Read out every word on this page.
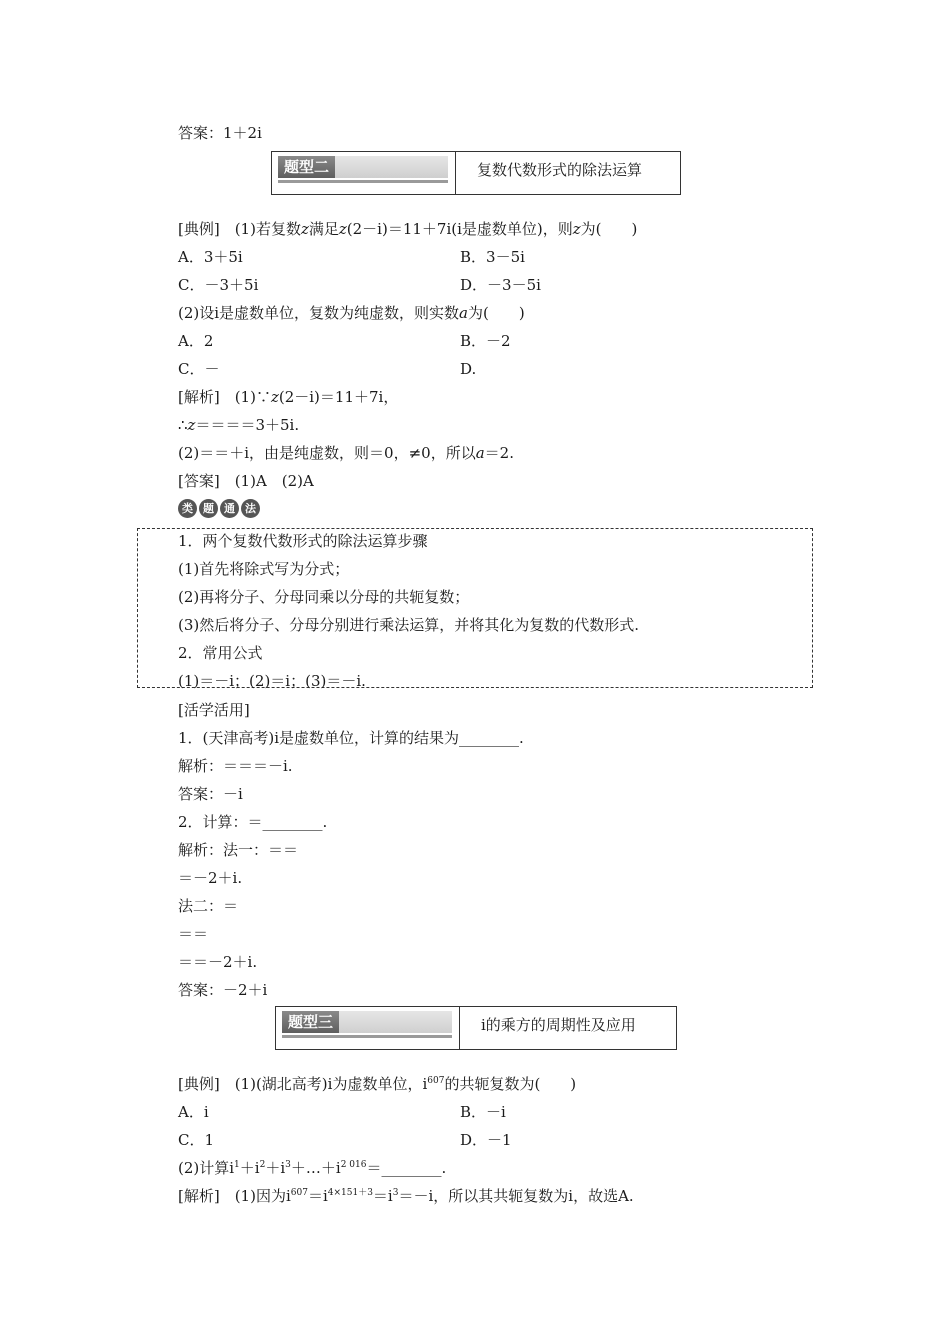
答案：1＋2i
题型二	复数代数形式的除法运算
[典例]　(1)若复数z满足z(2－i)＝11＋7i(i是虚数单位)，则z为(　　)
A．3＋5i	B．3－5i
C．－3＋5i	D．－3－5i
(2)设i是虚数单位，复数为纯虚数，则实数a为(　　)
A．2	B．－2
C．－	D.
[解析]　(1)∵z(2－i)＝11＋7i，
∴z＝＝＝＝3＋5i.
(2)＝＝＋i，由是纯虚数，则＝0，≠0，所以a＝2.
[答案]　(1)A　(2)A
类 题 通 法
1．两个复数代数形式的除法运算步骤
(1)首先将除式写为分式；
(2)再将分子、分母同乘以分母的共轭复数；
(3)然后将分子、分母分别进行乘法运算，并将其化为复数的代数形式.
2．常用公式
(1)＝－i；(2)＝i；(3)＝－i.
[活学活用]
1．(天津高考)i是虚数单位，计算的结果为________.
解析：＝＝＝－i.
答案：－i
2．计算：＝________.
解析：法一：＝＝
＝－2＋i.
法二：＝
＝＝
＝＝－2＋i.
答案：－2＋i
题型三	i的乘方的周期性及应用
[典例]　(1)(湖北高考)i为虚数单位，$i^{607}$的共轭复数为(　　)
A．i	B．－i
C．1	D．－1
(2)计算$i^1+i^2+i^3+\dots+i^{2 016}=\_\_\_\_\_\_\_\_$.
[解析]　(1)因为$i^{607}=i^{4\times 151+3}=i^3=-i$，所以其共轭复数为i，故选A.
